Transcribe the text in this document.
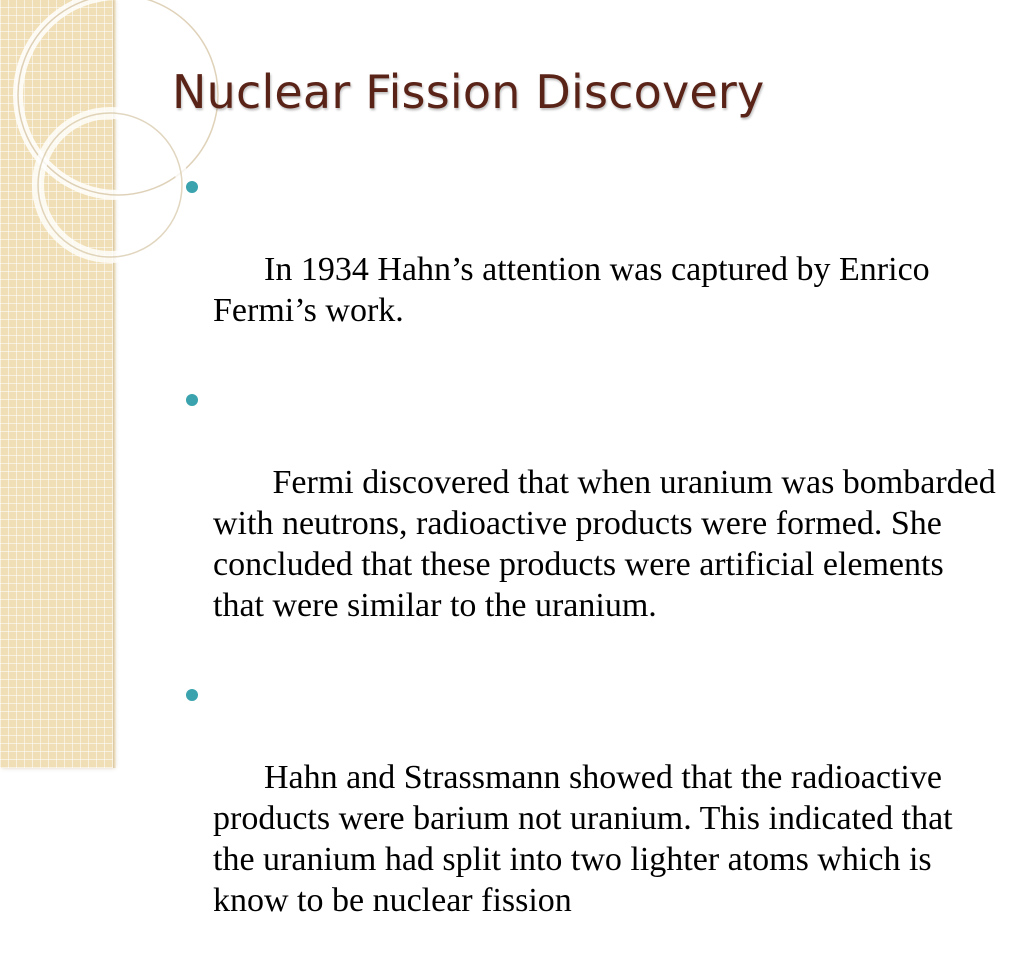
Nuclear Fission Discovery

In 1934 Hahn’s attention was captured by Enrico Fermi’s work.

Fermi discovered that when uranium was bombarded with neutrons, radioactive products were formed. She concluded that these products were artificial elements that were similar to the uranium.

Hahn and Strassmann showed that the radioactive products were barium not uranium. This indicated that the uranium had split into two lighter atoms which is know to be nuclear fission
